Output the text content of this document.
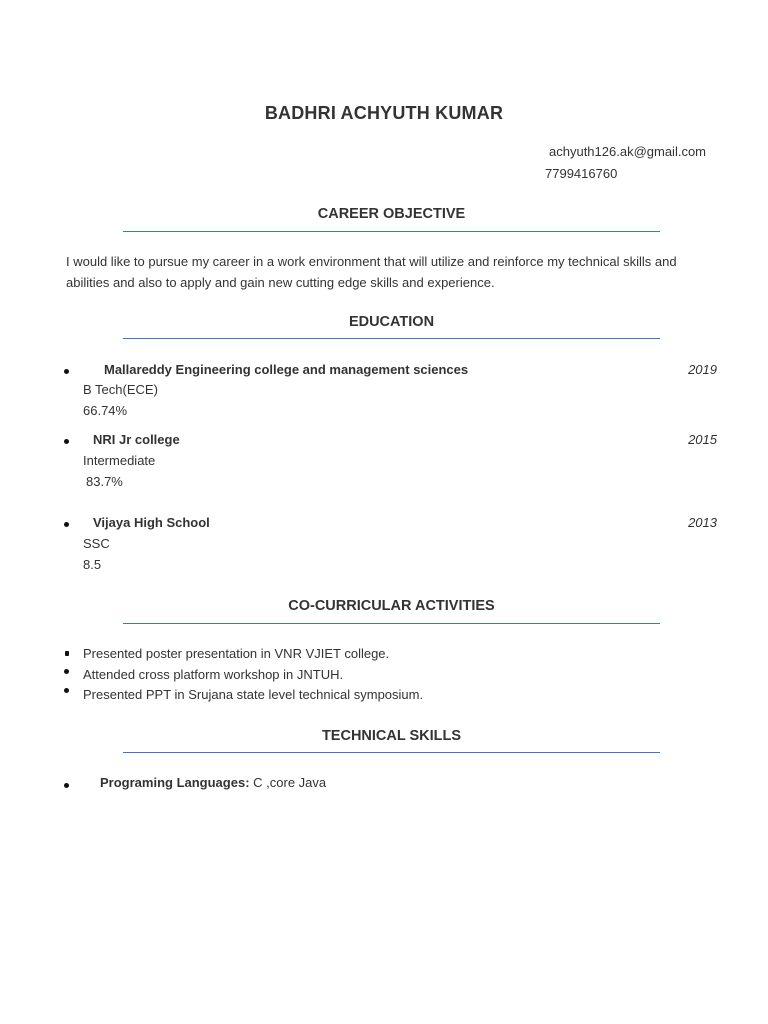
BADHRI ACHYUTH KUMAR
achyuth126.ak@gmail.com
7799416760
CAREER OBJECTIVE
I would like to pursue my career in a work environment that will utilize and reinforce my technical skills and abilities and also to apply and gain new cutting edge skills and experience.
EDUCATION
Mallareddy Engineering college and management sciences	2019
B Tech(ECE)
66.74%
NRI Jr college	2015
Intermediate
83.7%
Vijaya High School	2013
SSC
8.5
CO-CURRICULAR ACTIVITIES
Presented poster presentation in VNR VJIET college.
Attended cross platform workshop in JNTUH.
Presented PPT in Srujana state level technical symposium.
TECHNICAL SKILLS
Programing Languages: C ,core Java
